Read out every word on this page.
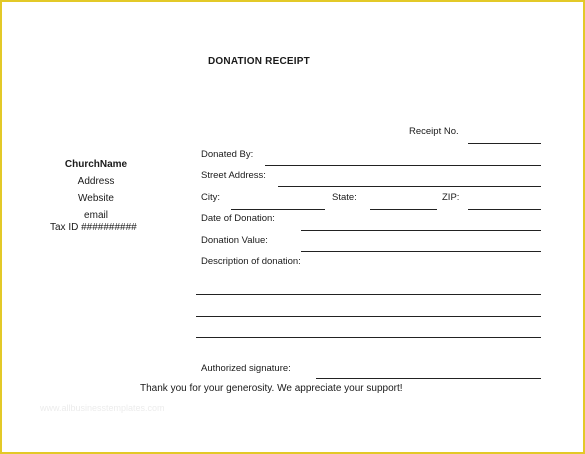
DONATION RECEIPT
ChurchName
Address
Website
email
Tax ID ##########
Receipt No.
Donated By:
Street Address:
City:	State:	ZIP:
Date of Donation:
Donation Value:
Description of donation:
Authorized signature:
Thank you for your generosity. We appreciate your support!
www.allbusinesstemplates.com
